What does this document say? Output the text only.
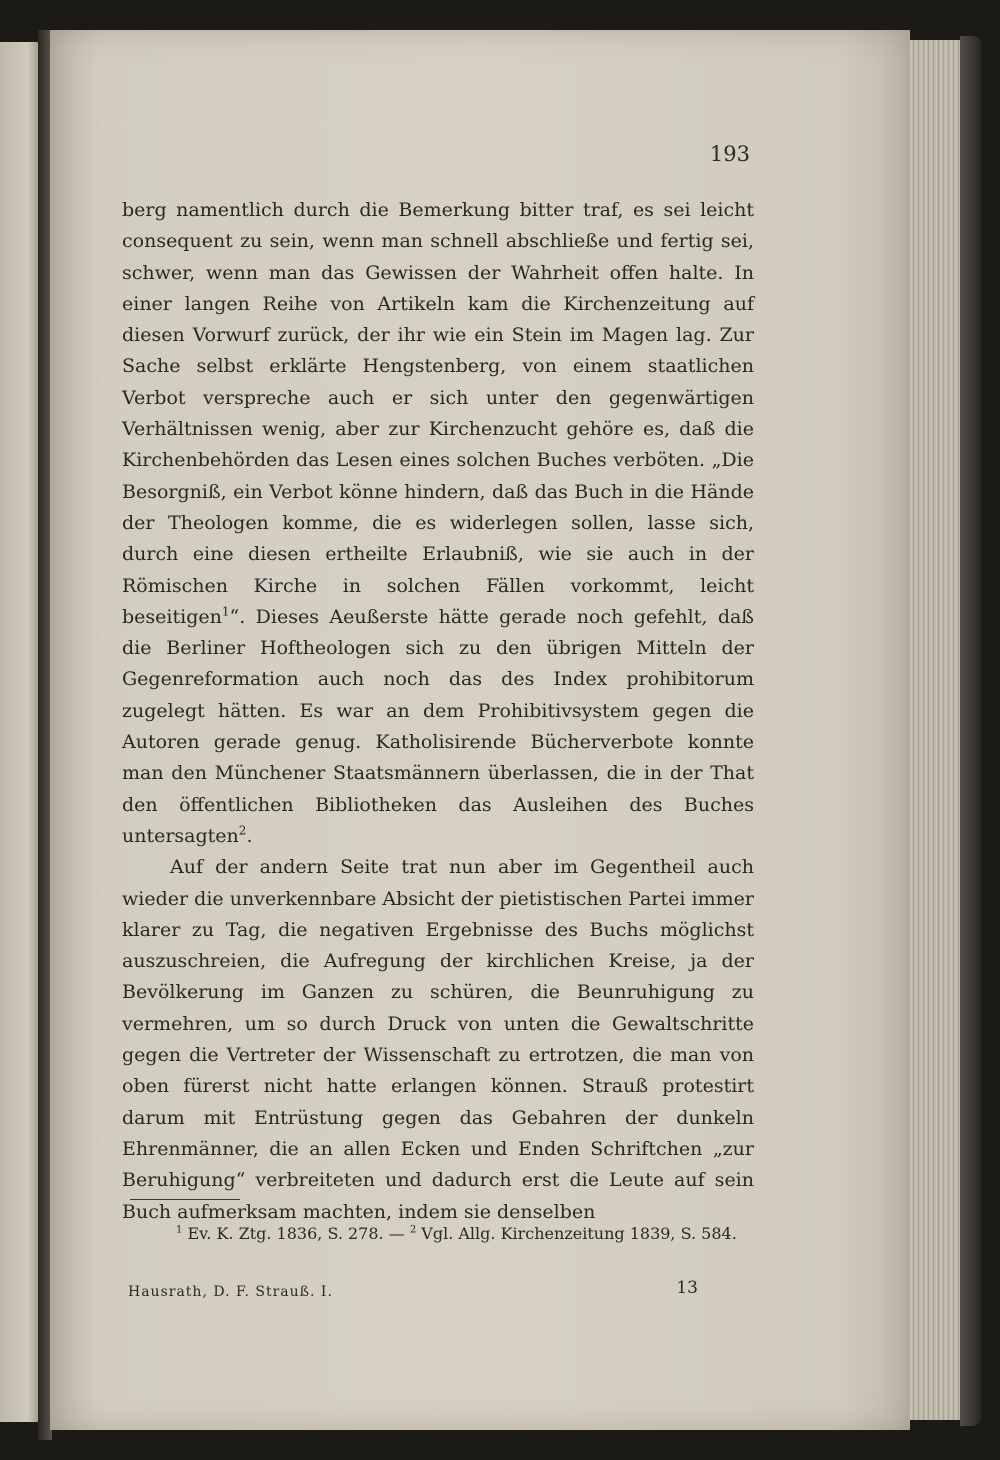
193

berg namentlich durch die Bemerkung bitter traf, es sei leicht consequent zu sein, wenn man schnell abschließe und fertig sei, schwer, wenn man das Gewissen der Wahrheit offen halte. In einer langen Reihe von Artikeln kam die Kirchenzeitung auf diesen Vorwurf zurück, der ihr wie ein Stein im Magen lag. Zur Sache selbst erklärte Hengstenberg, von einem staatlichen Verbot verspreche auch er sich unter den gegenwärtigen Verhältnissen wenig, aber zur Kirchenzucht gehöre es, daß die Kirchenbehörden das Lesen eines solchen Buches verböten. „Die Besorgniß, ein Verbot könne hindern, daß das Buch in die Hände der Theologen komme, die es widerlegen sollen, lasse sich, durch eine diesen ertheilte Erlaubniß, wie sie auch in der Römischen Kirche in solchen Fällen vorkommt, leicht beseitigen$^1$“. Dieses Aeußerste hätte gerade noch gefehlt, daß die Berliner Hoftheologen sich zu den übrigen Mitteln der Gegenreformation auch noch das des Index prohibitorum zugelegt hätten. Es war an dem Prohibitivsystem gegen die Autoren gerade genug. Katholisirende Bücherverbote konnte man den Münchener Staatsmännern überlassen, die in der That den öffentlichen Bibliotheken das Ausleihen des Buches untersagten$^2$.

Auf der andern Seite trat nun aber im Gegentheil auch wieder die unverkennbare Absicht der pietistischen Partei immer klarer zu Tag, die negativen Ergebnisse des Buchs möglichst auszuschreien, die Aufregung der kirchlichen Kreise, ja der Bevölkerung im Ganzen zu schüren, die Beunruhigung zu vermehren, um so durch Druck von unten die Gewaltschritte gegen die Vertreter der Wissenschaft zu ertrotzen, die man von oben fürerst nicht hatte erlangen können. Strauß protestirt darum mit Entrüstung gegen das Gebahren der dunkeln Ehrenmänner, die an allen Ecken und Enden Schriftchen „zur Beruhigung“ verbreiteten und dadurch erst die Leute auf sein Buch aufmerksam machten, indem sie denselben

$^1$ Ev. K. Ztg. 1836, S. 278. — $^2$ Vgl. Allg. Kirchenzeitung 1839, S. 584.

Hausrath, D. F. Strauß. I.	13
